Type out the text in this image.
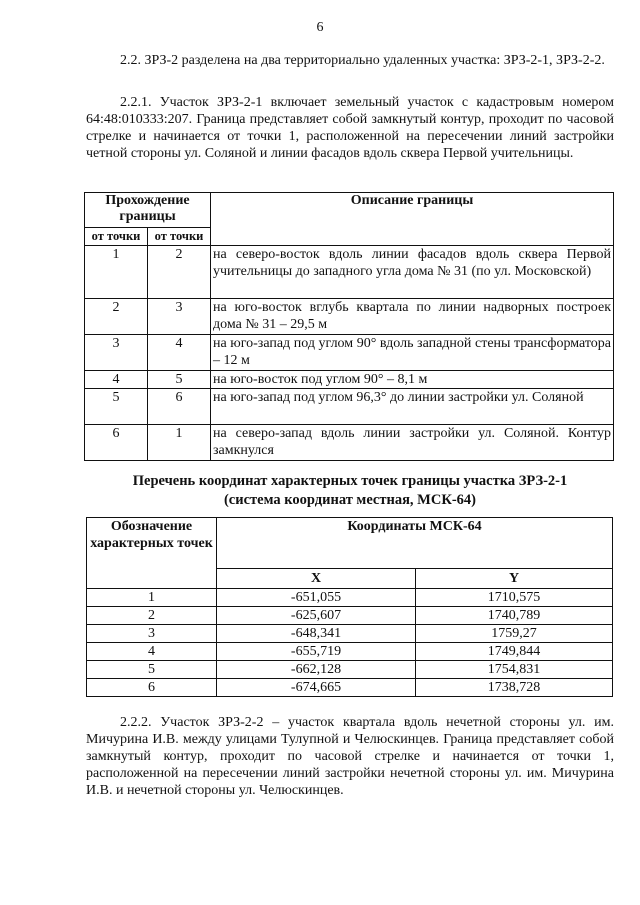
6

2.2. ЗРЗ-2 разделена на два территориально удаленных участка: ЗРЗ-2-1, ЗРЗ-2-2.

2.2.1. Участок ЗРЗ-2-1 включает земельный участок с кадастровым номером 64:48:010333:207. Граница представляет собой замкнутый контур, проходит по часовой стрелке и начинается от точки 1, расположенной на пересечении линий застройки четной стороны ул. Соляной и линии фасадов вдоль сквера Первой учительницы.

Прохождение границы		Описание границы
от точки	от точки	
1	2	на северо-восток вдоль линии фасадов вдоль сквера Первой учительницы до западного угла дома № 31 (по ул. Московской)
2	3	на юго-восток вглубь квартала по линии надворных построек дома № 31 – 29,5 м
3	4	на юго-запад под углом 90° вдоль западной стены трансформатора – 12 м
4	5	на юго-восток под углом 90° – 8,1 м
5	6	на юго-запад под углом 96,3° до линии застройки ул. Соляной
6	1	на северо-запад вдоль линии застройки ул. Соляной. Контур замкнулся
Перечень координат характерных точек границы участка ЗРЗ-2-1
(система координат местная, МСК-64)
Обозначение характерных точек	Координаты МСК-64	
	X	Y
1	-651,055	1710,575
2	-625,607	1740,789
3	-648,341	1759,27
4	-655,719	1749,844
5	-662,128	1754,831
6	-674,665	1738,728

2.2.2. Участок ЗРЗ-2-2 – участок квартала вдоль нечетной стороны ул. им. Мичурина И.В. между улицами Тулупной и Челюскинцев. Граница представляет собой замкнутый контур, проходит по часовой стрелке и начинается от точки 1, расположенной на пересечении линий застройки нечетной стороны ул. им. Мичурина И.В. и нечетной стороны ул. Челюскинцев.
